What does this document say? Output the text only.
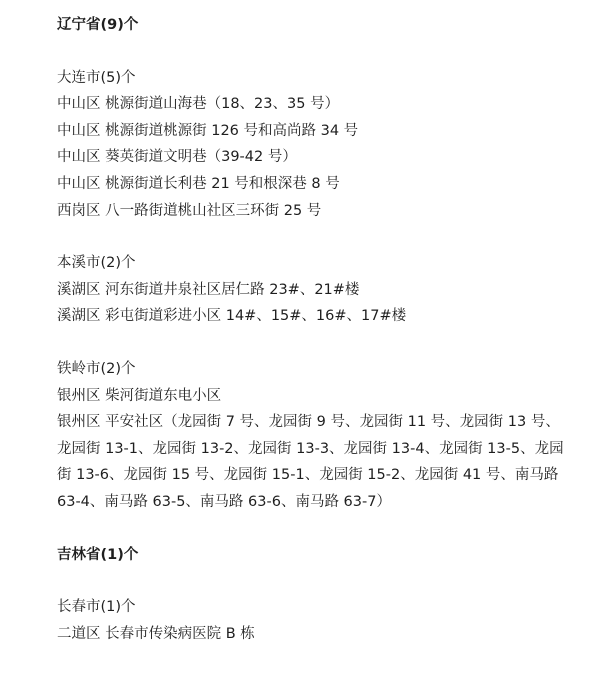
辽宁省(9)个

大连市(5)个

中山区 桃源街道山海巷（18、23、35 号）

中山区 桃源街道桃源街 126 号和高尚路 34 号

中山区 葵英街道文明巷（39-42 号）

中山区 桃源街道长利巷 21 号和根深巷 8 号

西岗区 八一路街道桃山社区三环街 25 号

本溪市(2)个

溪湖区 河东街道井泉社区居仁路 23#、21#楼

溪湖区 彩屯街道彩进小区 14#、15#、16#、17#楼

铁岭市(2)个

银州区 柴河街道东电小区

银州区 平安社区（龙园街 7 号、龙园街 9 号、龙园街 11 号、龙园街 13 号、龙园街 13-1、龙园街 13-2、龙园街 13-3、龙园街 13-4、龙园街 13-5、龙园街 13-6、龙园街 15 号、龙园街 15-1、龙园街 15-2、龙园街 41 号、南马路 63-4、南马路 63-5、南马路 63-6、南马路 63-7）

吉林省(1)个

长春市(1)个

二道区 长春市传染病医院 B 栋
